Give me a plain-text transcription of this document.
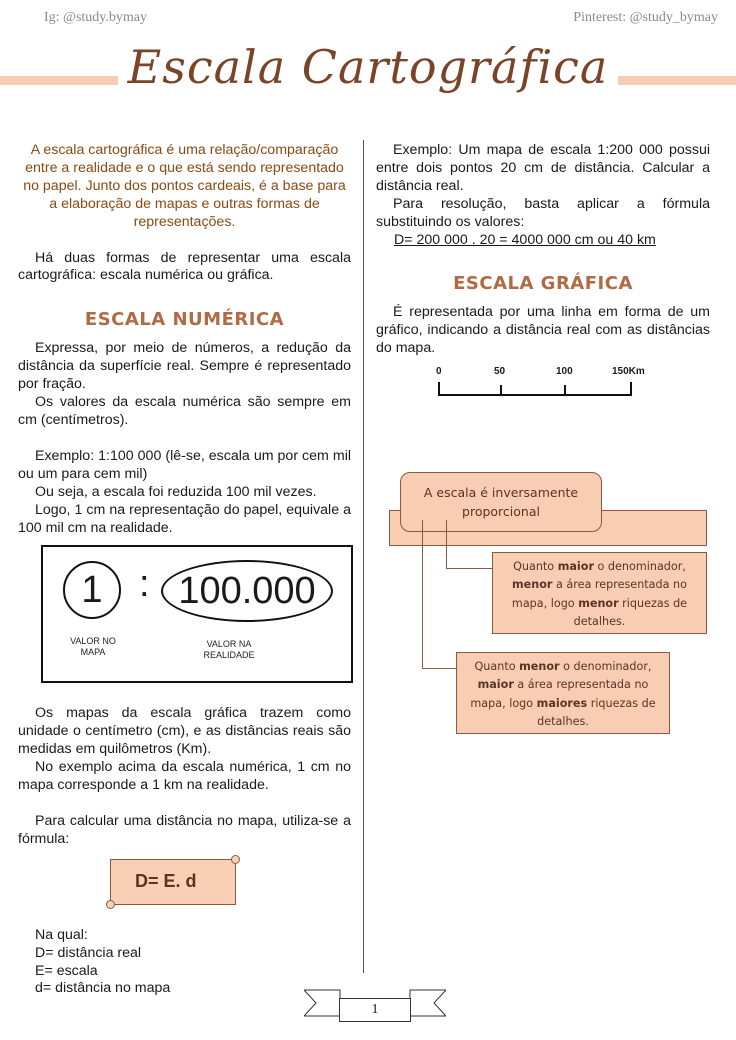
Ig: @study.bymay	Pinterest: @study_bymay
Escala Cartográfica

A escala cartográfica é uma relação/comparação entre a realidade e o que está sendo representado no papel. Junto dos pontos cardeais, é a base para a elaboração de mapas e outras formas de representações.

Há duas formas de representar uma escala cartográfica: escala numérica ou gráfica.

ESCALA NUMÉRICA

Expressa, por meio de números, a redução da distância da superfície real. Sempre é representado por fração.

Os valores da escala numérica são sempre em cm (centímetros).

Exemplo: 1:100 000 (lê-se, escala um por cem mil ou um para cem mil)

Ou seja, a escala foi reduzida 100 mil vezes.

Logo, 1 cm na representação do papel, equivale a 100 mil cm na realidade.

1 : 100.000
VALOR NO MAPA
VALOR NA REALIDADE

Os mapas da escala gráfica trazem como unidade o centímetro (cm), e as distâncias reais são medidas em quilômetros (Km).

No exemplo acima da escala numérica, 1 cm no mapa corresponde a 1 km na realidade.

Para calcular uma distância no mapa, utiliza-se a fórmula:

D= E. d

Na qual:

D= distância real

E= escala

d= distância no mapa

Exemplo: Um mapa de escala 1:200 000 possui entre dois pontos 20 cm de distância. Calcular a distância real.

Para resolução, basta aplicar a fórmula substituindo os valores:

D= 200 000 . 20 = 4000 000 cm ou 40 km

ESCALA GRÁFICA

É representada por uma linha em forma de um gráfico, indicando a distância real com as distâncias do mapa.

0	50	100	150Km
A escala é inversamente proporcional
Quanto maior o denominador, menor a área representada no mapa, logo menor riquezas de detalhes.
Quanto menor o denominador, maior a área representada no mapa, logo maiores riquezas de detalhes.
1
